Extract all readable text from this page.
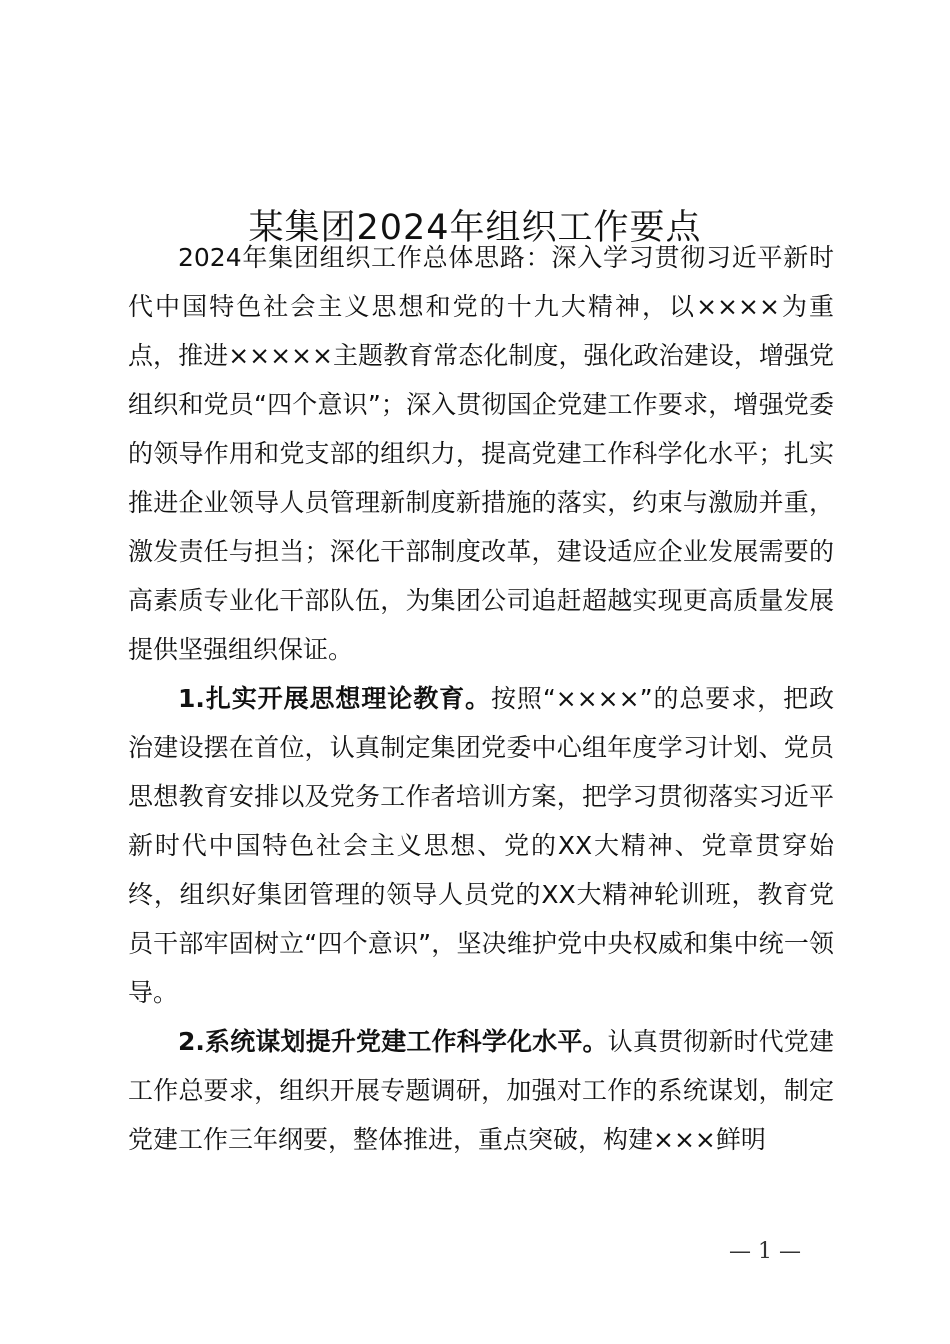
某集团2024年组织工作要点

2024年集团组织工作总体思路：深入学习贯彻习近平新时代中国特色社会主义思想和党的十九大精神，以××××为重点，推进×××××主题教育常态化制度，强化政治建设，增强党组织和党员“四个意识”；深入贯彻国企党建工作要求，增强党委的领导作用和党支部的组织力，提高党建工作科学化水平；扎实推进企业领导人员管理新制度新措施的落实，约束与激励并重，激发责任与担当；深化干部制度改革，建设适应企业发展需要的高素质专业化干部队伍，为集团公司追赶超越实现更高质量发展提供坚强组织保证。

1.扎实开展思想理论教育。按照“××××”的总要求，把政治建设摆在首位，认真制定集团党委中心组年度学习计划、党员思想教育安排以及党务工作者培训方案，把学习贯彻落实习近平新时代中国特色社会主义思想、党的XX大精神、党章贯穿始终，组织好集团管理的领导人员党的XX大精神轮训班，教育党员干部牢固树立“四个意识”，坚决维护党中央权威和集中统一领导。

2.系统谋划提升党建工作科学化水平。认真贯彻新时代党建工作总要求，组织开展专题调研，加强对工作的系统谋划，制定党建工作三年纲要，整体推进，重点突破，构建×××鲜明

— 1 —
